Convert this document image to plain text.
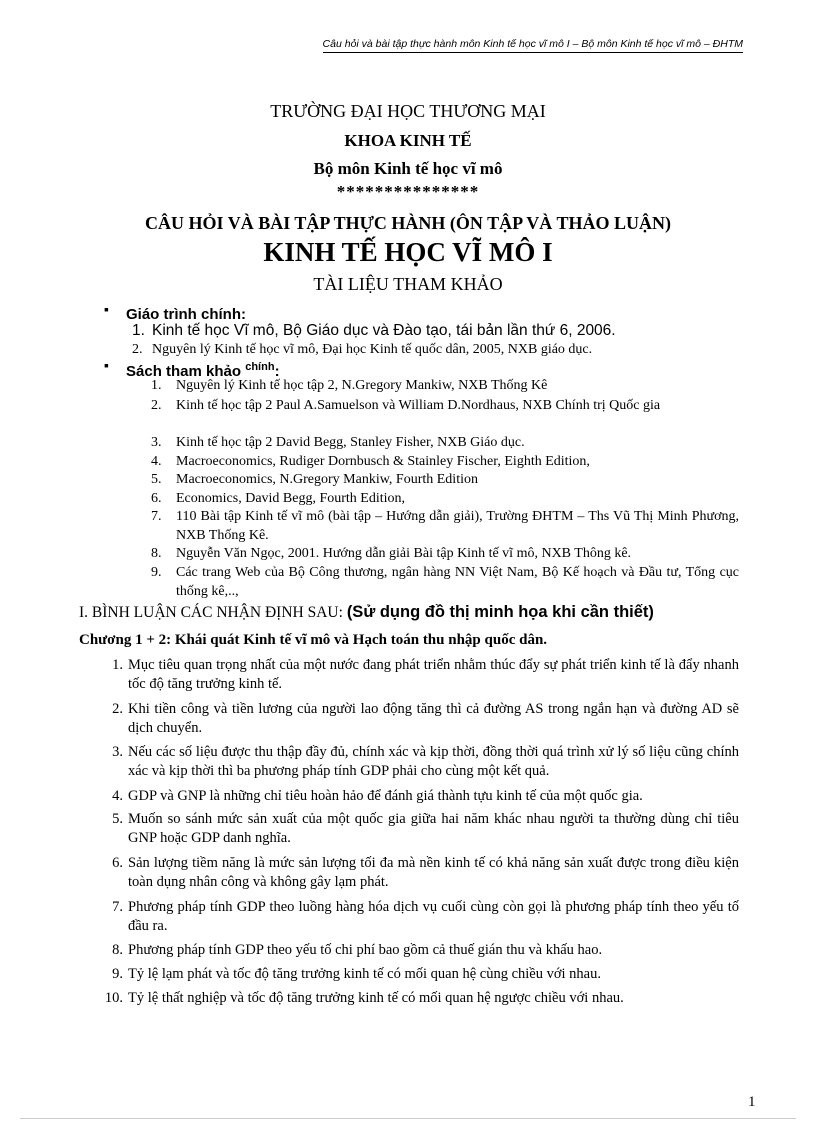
Câu hỏi và bài tập thực hành môn Kinh tế học vĩ mô I – Bộ môn Kinh tế học vĩ mô – ĐHTM
TRƯỜNG ĐẠI HỌC THƯƠNG MẠI
KHOA KINH TẾ
Bộ môn Kinh tế học vĩ mô
***************
CÂU HỎI VÀ BÀI TẬP THỰC HÀNH (ÔN TẬP VÀ THẢO LUẬN)
KINH TẾ HỌC VĨ MÔ I
TÀI LIỆU THAM KHẢO
▪ Giáo trình chính:
1. Kinh tế học Vĩ mô, Bộ Giáo dục và Đào tạo, tái bản lần thứ 6, 2006.
2. Nguyên lý Kinh tế học vĩ mô, Đại học Kinh tế quốc dân, 2005, NXB giáo dục.
▪ Sách tham khảo $^{chính}$:
1. Nguyên lý Kinh tế học tập 2, N.Gregory Mankiw, NXB Thống Kê
2. Kinh tế học tập 2 Paul A.Samuelson và William D.Nordhaus, NXB Chính trị Quốc gia
3. Kinh tế học tập 2 David Begg, Stanley Fisher, NXB Giáo dục.
4. Macroeconomics, Rudiger Dornbusch & Stainley Fischer, Eighth Edition,
5. Macroeconomics, N.Gregory Mankiw, Fourth Edition
6. Economics, David Begg, Fourth Edition,
7. 110 Bài tập Kinh tế vĩ mô (bài tập – Hướng dẫn giải), Trường ĐHTM – Ths Vũ Thị Minh Phương, NXB Thống Kê.
8. Nguyễn Văn Ngọc, 2001. Hướng dẫn giải Bài tập Kinh tế vĩ mô, NXB Thông kê.
9. Các trang Web của Bộ Công thương, ngân hàng NN Việt Nam, Bộ Kế hoạch và Đầu tư, Tổng cục thống kê,..,
I. BÌNH LUẬN CÁC NHẬN ĐỊNH SAU: (Sử dụng đồ thị minh họa khi cần thiết)
Chương 1 + 2: Khái quát Kinh tế vĩ mô và Hạch toán thu nhập quốc dân.
1. Mục tiêu quan trọng nhất của một nước đang phát triển nhằm thúc đẩy sự phát triển kinh tế là đẩy nhanh tốc độ tăng trưởng kinh tế.
2. Khi tiền công và tiền lương của người lao động tăng thì cả đường AS trong ngắn hạn và đường AD sẽ dịch chuyển.
3. Nếu các số liệu được thu thập đầy đủ, chính xác và kịp thời, đồng thời quá trình xử lý số liệu cũng chính xác và kịp thời thì ba phương pháp tính GDP phải cho cùng một kết quả.
4. GDP và GNP là những chỉ tiêu hoàn hảo để đánh giá thành tựu kinh tế của một quốc gia.
5. Muốn so sánh mức sản xuất của một quốc gia giữa hai năm khác nhau người ta thường dùng chỉ tiêu GNP hoặc GDP danh nghĩa.
6. Sản lượng tiềm năng là mức sản lượng tối đa mà nền kinh tế có khả năng sản xuất được trong điều kiện toàn dụng nhân công và không gây lạm phát.
7. Phương pháp tính GDP theo luồng hàng hóa dịch vụ cuối cùng còn gọi là phương pháp tính theo yếu tố đầu ra.
8. Phương pháp tính GDP theo yếu tố chi phí bao gồm cả thuế gián thu và khấu hao.
9. Tỷ lệ lạm phát và tốc độ tăng trưởng kinh tế có mối quan hệ cùng chiều với nhau.
10. Tỷ lệ thất nghiệp và tốc độ tăng trưởng kinh tế có mối quan hệ ngược chiều với nhau.
1
